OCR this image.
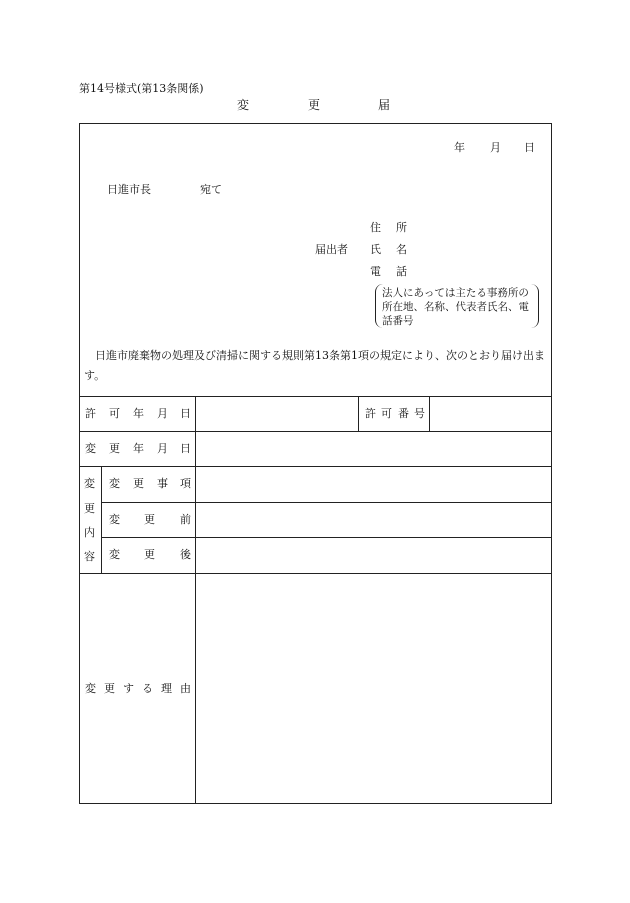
第14号様式(第13条関係)
変	更	届
年 月 日
日進市長	宛て
住 所
届出者 氏 名
電 話
法人にあっては主たる事務所の所在地、名称、代表者氏名、電話番号
日進市廃棄物の処理及び清掃に関する規則第13条第1項の規定により、次のとおり届け出ます。
許 可 年 月 日	許 可 番 号
変 更 年 月 日
変
更
内
容
変 更 事 項
変 更 前
変 更 後
変 更 す る 理 由
